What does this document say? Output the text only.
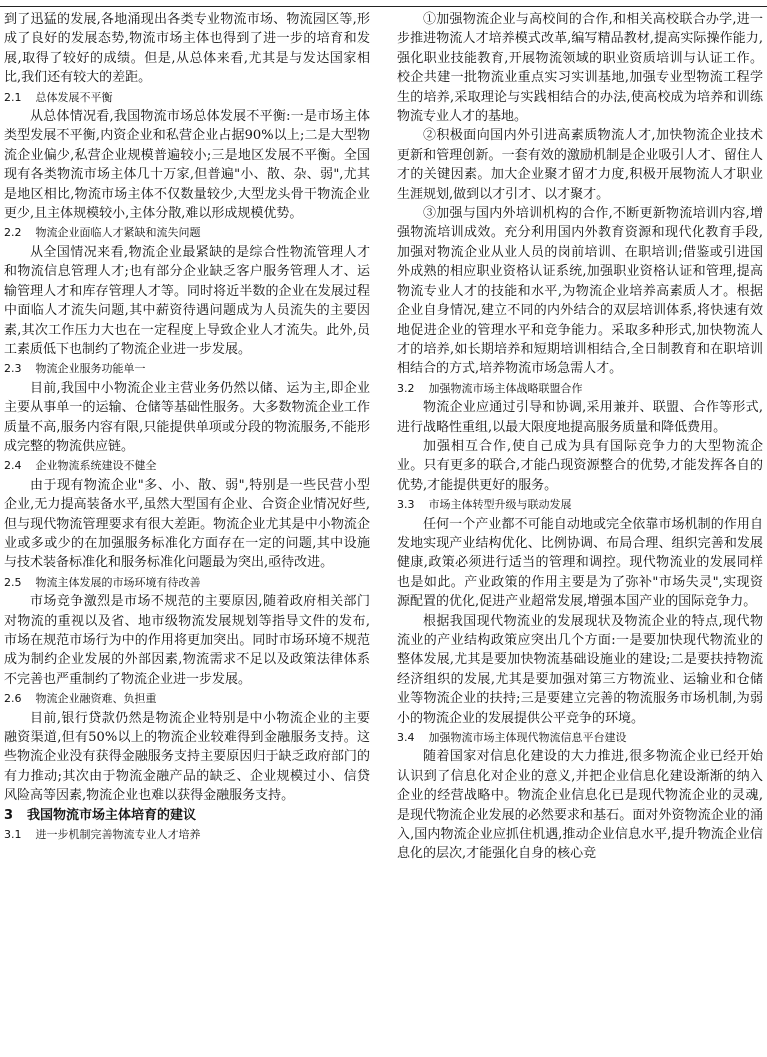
到了迅猛的发展,各地涌现出各类专业物流市场、物流园区等,形成了良好的发展态势,物流市场主体也得到了进一步的培育和发展,取得了较好的成绩。但是,从总体来看,尤其是与发达国家相比,我们还有较大的差距。

2.1 总体发展不平衡

从总体情况看,我国物流市场总体发展不平衡:一是市场主体类型发展不平衡,内资企业和私营企业占据90%以上;二是大型物流企业偏少,私营企业规模普遍较小;三是地区发展不平衡。全国现有各类物流市场主体几十万家,但普遍"小、散、杂、弱",尤其是地区相比,物流市场主体不仅数量较少,大型龙头骨干物流企业更少,且主体规模较小,主体分散,难以形成规模优势。

2.2 物流企业面临人才紧缺和流失问题

从全国情况来看,物流企业最紧缺的是综合性物流管理人才和物流信息管理人才;也有部分企业缺乏客户服务管理人才、运输管理人才和库存管理人才等。同时将近半数的企业在发展过程中面临人才流失问题,其中薪资待遇问题成为人员流失的主要因素,其次工作压力大也在一定程度上导致企业人才流失。此外,员工素质低下也制约了物流企业进一步发展。

2.3 物流企业服务功能单一

目前,我国中小物流企业主营业务仍然以储、运为主,即企业主要从事单一的运输、仓储等基础性服务。大多数物流企业工作质量不高,服务内容有限,只能提供单项或分段的物流服务,不能形成完整的物流供应链。

2.4 企业物流系统建设不健全

由于现有物流企业"多、小、散、弱",特别是一些民营小型企业,无力提高装备水平,虽然大型国有企业、合资企业情况好些,但与现代物流管理要求有很大差距。物流企业尤其是中小物流企业或多或少的在加强服务标准化方面存在一定的问题,其中设施与技术装备标准化和服务标准化问题最为突出,亟待改进。

2.5 物流主体发展的市场环境有待改善

市场竞争激烈是市场不规范的主要原因,随着政府相关部门对物流的重视以及省、地市级物流发展规划等指导文件的发布,市场在规范市场行为中的作用将更加突出。同时市场环境不规范成为制约企业发展的外部因素,物流需求不足以及政策法律体系不完善也严重制约了物流企业进一步发展。

2.6 物流企业融资难、负担重

目前,银行贷款仍然是物流企业特别是中小物流企业的主要融资渠道,但有50%以上的物流企业较难得到金融服务支持。这些物流企业没有获得金融服务支持主要原因归于缺乏政府部门的有力推动;其次由于物流金融产品的缺乏、企业规模过小、信贷风险高等因素,物流企业也难以获得金融服务支持。

3 我国物流市场主体培育的建议
3.1 进一步机制完善物流专业人才培养

①加强物流企业与高校间的合作,和相关高校联合办学,进一步推进物流人才培养模式改革,编写精品教材,提高实际操作能力,强化职业技能教育,开展物流领域的职业资质培训与认证工作。校企共建一批物流业重点实习实训基地,加强专业型物流工程学生的培养,采取理论与实践相结合的办法,使高校成为培养和训练物流专业人才的基地。

②积极面向国内外引进高素质物流人才,加快物流企业技术更新和管理创新。一套有效的激励机制是企业吸引人才、留住人才的关键因素。加大企业聚才留才力度,积极开展物流人才职业生涯规划,做到以才引才、以才聚才。

③加强与国内外培训机构的合作,不断更新物流培训内容,增强物流培训成效。充分利用国内外教育资源和现代化教育手段,加强对物流企业从业人员的岗前培训、在职培训;借鉴或引进国外成熟的相应职业资格认证系统,加强职业资格认证和管理,提高物流专业人才的技能和水平,为物流企业培养高素质人才。根据企业自身情况,建立不同的内外结合的双层培训体系,将快速有效地促进企业的管理水平和竞争能力。采取多种形式,加快物流人才的培养,如长期培养和短期培训相结合,全日制教育和在职培训相结合的方式,培养物流市场急需人才。

3.2 加强物流市场主体战略联盟合作

物流企业应通过引导和协调,采用兼并、联盟、合作等形式,进行战略性重组,以最大限度地提高服务质量和降低费用。

加强相互合作,使自己成为具有国际竞争力的大型物流企业。只有更多的联合,才能凸现资源整合的优势,才能发挥各自的优势,才能提供更好的服务。

3.3 市场主体转型升级与联动发展

任何一个产业都不可能自动地或完全依靠市场机制的作用自发地实现产业结构优化、比例协调、布局合理、组织完善和发展健康,政策必须进行适当的管理和调控。现代物流业的发展同样也是如此。产业政策的作用主要是为了弥补"市场失灵",实现资源配置的优化,促进产业超常发展,增强本国产业的国际竞争力。

根据我国现代物流业的发展现状及物流企业的特点,现代物流业的产业结构政策应突出几个方面:一是要加快现代物流业的整体发展,尤其是要加快物流基础设施业的建设;二是要扶持物流经济组织的发展,尤其是要加强对第三方物流业、运输业和仓储业等物流企业的扶持;三是要建立完善的物流服务市场机制,为弱小的物流企业的发展提供公平竞争的环境。

3.4 加强物流市场主体现代物流信息平台建设

随着国家对信息化建设的大力推进,很多物流企业已经开始认识到了信息化对企业的意义,并把企业信息化建设渐渐的纳入企业的经营战略中。物流企业信息化已是现代物流企业的灵魂,是现代物流企业发展的必然要求和基石。面对外资物流企业的涌入,国内物流企业应抓住机遇,推动企业信息水平,提升物流企业信息化的层次,才能强化自身的核心竞
